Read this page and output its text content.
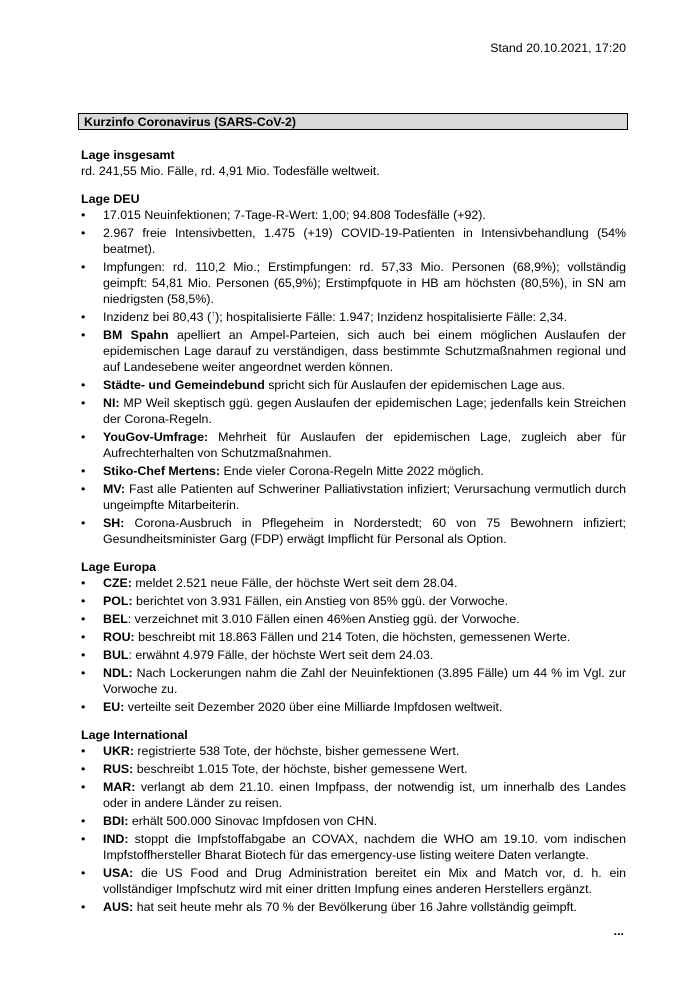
Stand 20.10.2021, 17:20
Kurzinfo Coronavirus (SARS-CoV-2)
Lage insgesamt
rd. 241,55 Mio. Fälle, rd. 4,91 Mio. Todesfälle weltweit.
Lage DEU
• 17.015 Neuinfektionen; 7-Tage-R-Wert: 1,00; 94.808 Todesfälle (+92).
• 2.967 freie Intensivbetten, 1.475 (+19) COVID-19-Patienten in Intensivbehandlung (54% beatmet).
• Impfungen: rd. 110,2 Mio.; Erstimpfungen: rd. 57,33 Mio. Personen (68,9%); vollständig geimpft: 54,81 Mio. Personen (65,9%); Erstimpfquote in HB am höchsten (80,5%), in SN am niedrigsten (58,5%).
• Inzidenz bei 80,43 (↑); hospitalisierte Fälle: 1.947; Inzidenz hospitalisierte Fälle: 2,34.
• BM Spahn apelliert an Ampel-Parteien, sich auch bei einem möglichen Auslaufen der epidemischen Lage darauf zu verständigen, dass bestimmte Schutzmaßnahmen regional und auf Landesebene weiter angeordnet werden können.
• Städte- und Gemeindebund spricht sich für Auslaufen der epidemischen Lage aus.
• NI: MP Weil skeptisch ggü. gegen Auslaufen der epidemischen Lage; jedenfalls kein Streichen der Corona-Regeln.
• YouGov-Umfrage: Mehrheit für Auslaufen der epidemischen Lage, zugleich aber für Aufrechterhalten von Schutzmaßnahmen.
• Stiko-Chef Mertens: Ende vieler Corona-Regeln Mitte 2022 möglich.
• MV: Fast alle Patienten auf Schweriner Palliativstation infiziert; Verursachung vermutlich durch ungeimpfte Mitarbeiterin.
• SH: Corona-Ausbruch in Pflegeheim in Norderstedt; 60 von 75 Bewohnern infiziert; Gesundheitsminister Garg (FDP) erwägt Impflicht für Personal als Option.
Lage Europa
• CZE: meldet 2.521 neue Fälle, der höchste Wert seit dem 28.04.
• POL: berichtet von 3.931 Fällen, ein Anstieg von 85% ggü. der Vorwoche.
• BEL: verzeichnet mit 3.010 Fällen einen 46%en Anstieg ggü. der Vorwoche.
• ROU: beschreibt mit 18.863 Fällen und 214 Toten, die höchsten, gemessenen Werte.
• BUL: erwähnt 4.979 Fälle, der höchste Wert seit dem 24.03.
• NDL: Nach Lockerungen nahm die Zahl der Neuinfektionen (3.895 Fälle) um 44 % im Vgl. zur Vorwoche zu.
• EU: verteilte seit Dezember 2020 über eine Milliarde Impfdosen weltweit.
Lage International
• UKR: registrierte 538 Tote, der höchste, bisher gemessene Wert.
• RUS: beschreibt 1.015 Tote, der höchste, bisher gemessene Wert.
• MAR: verlangt ab dem 21.10. einen Impfpass, der notwendig ist, um innerhalb des Landes oder in andere Länder zu reisen.
• BDI: erhält 500.000 Sinovac Impfdosen von CHN.
• IND: stoppt die Impfstoffabgabe an COVAX, nachdem die WHO am 19.10. vom indischen Impfstoffhersteller Bharat Biotech für das emergency-use listing weitere Daten verlangte.
• USA: die US Food and Drug Administration bereitet ein Mix and Match vor, d. h. ein vollständiger Impfschutz wird mit einer dritten Impfung eines anderen Herstellers ergänzt.
• AUS: hat seit heute mehr als 70 % der Bevölkerung über 16 Jahre vollständig geimpft.
...
